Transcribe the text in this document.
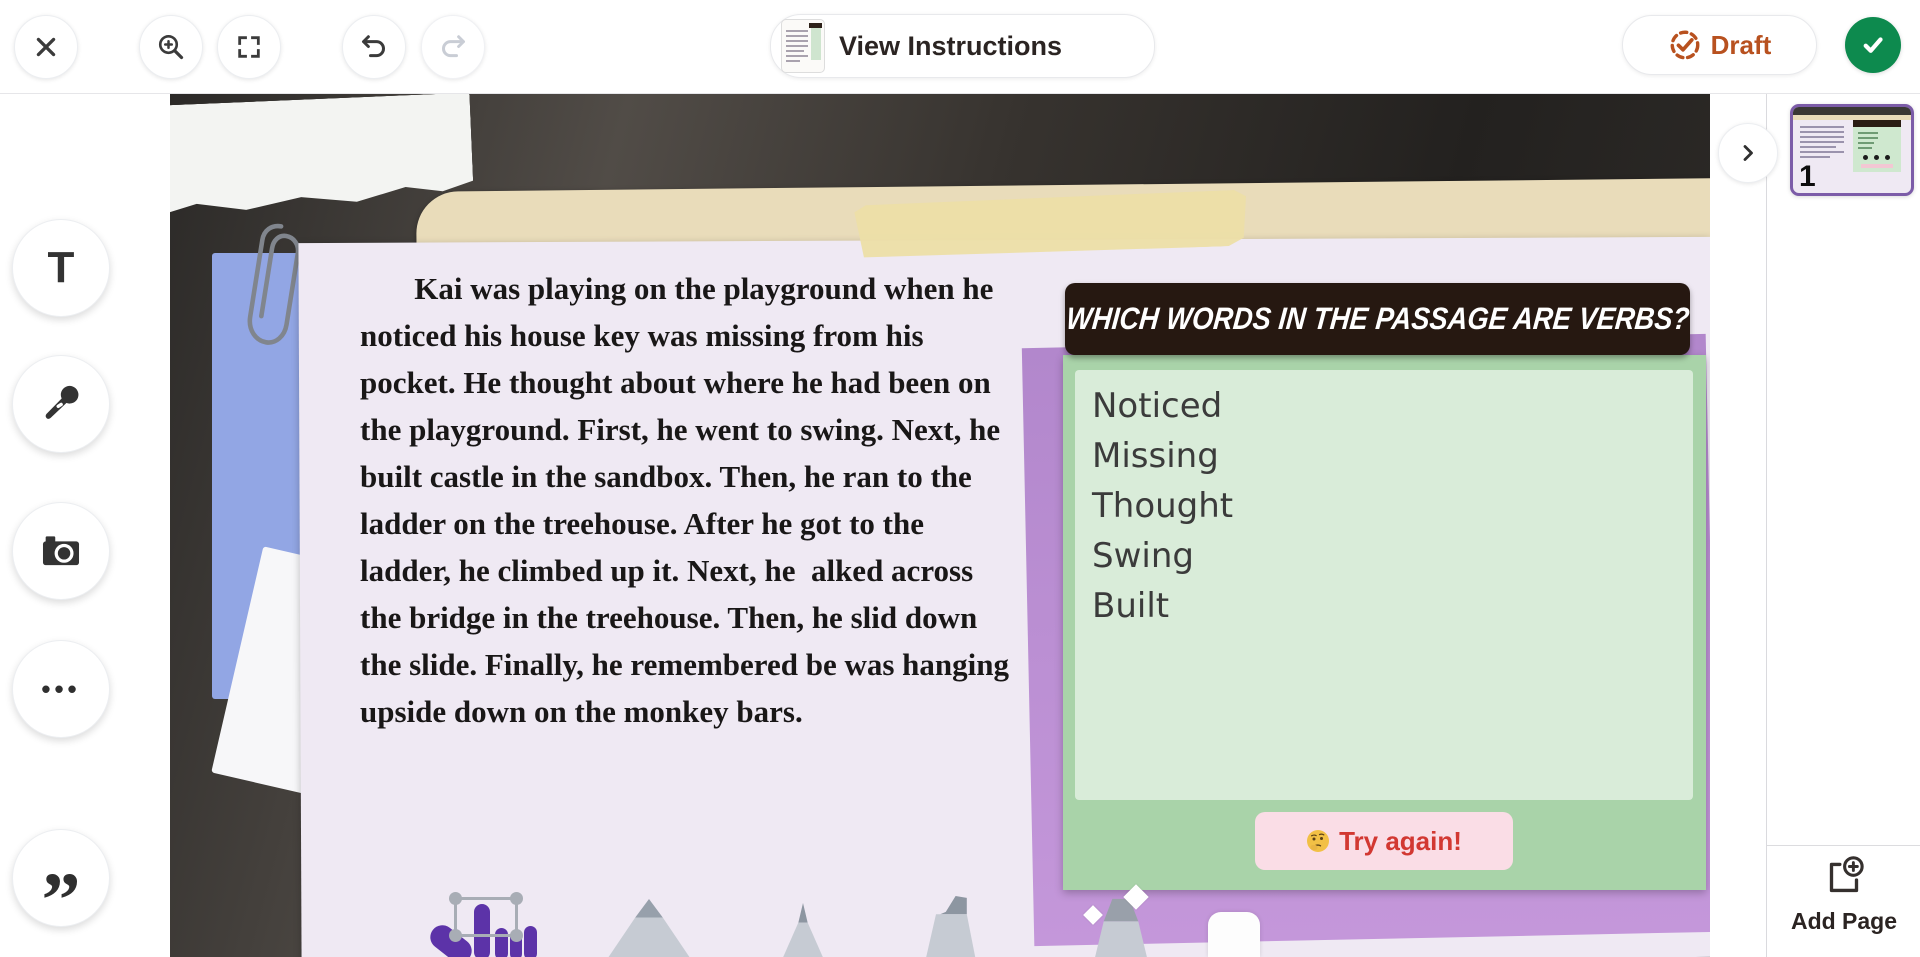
View Instructions	Draft
T
•••
”
Kai was playing on the playground when he noticed his house key was missing from his pocket. He thought about where he had been on the playground. First, he went to swing. Next, he  built castle in the sandbox. Then, he ran to the ladder on the treehouse. After he got to the ladder, he climbed up it. Next, he  alked across the bridge in the treehouse. Then, he slid down the slide. Finally, he remembered be was hanging upside down on the monkey bars.
WHICH WORDS IN THE PASSAGE ARE VERBS?
Noticed
Missing
Thought
Swing
Built
Try again!
1
Add Page
